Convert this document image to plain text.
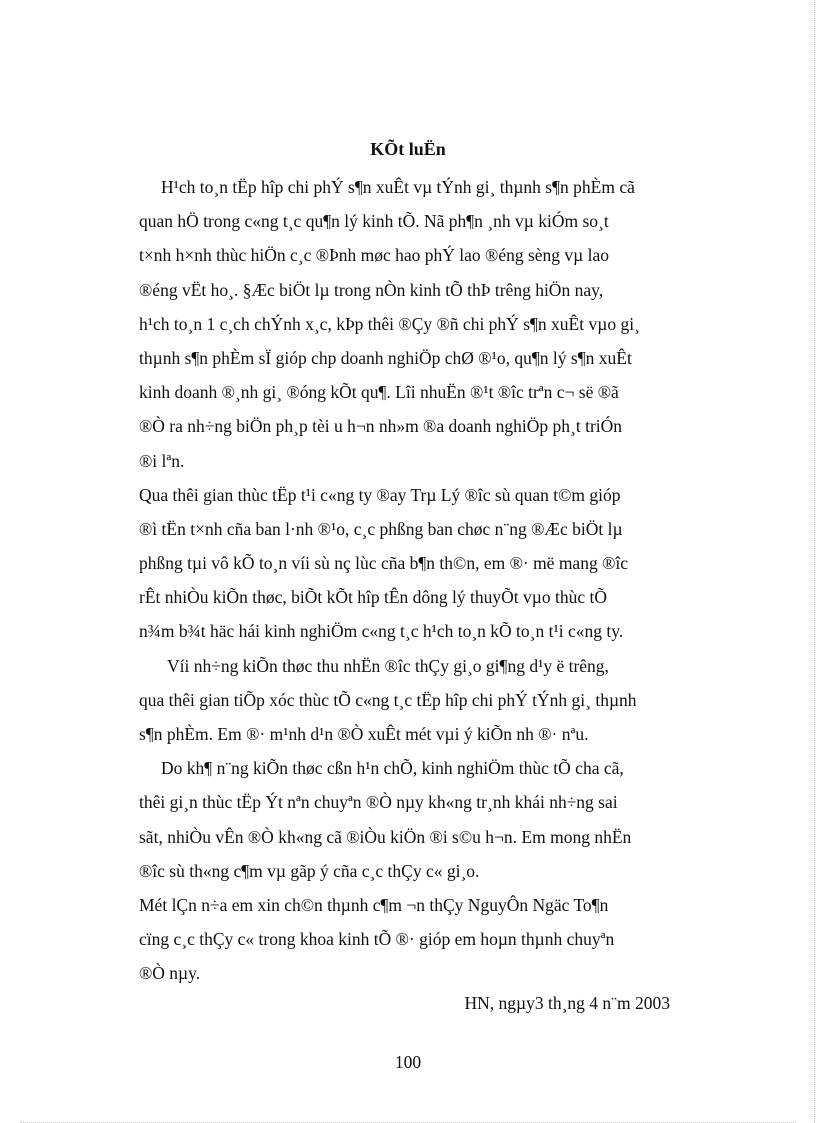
KÕt luËn
H¹ch to¸n tËp hîp chi phÝ s¶n xuÊt vµ tÝnh gi¸ thµnh s¶n phÈm cã
quan hÖ trong c«ng t¸c qu¶n lý kinh tÕ. Nã ph¶n ¸nh vµ kiÓm so¸t
t×nh h×nh thùc hiÖn c¸c ®Þnh møc hao phÝ lao ®éng sèng vµ lao
®éng vËt ho¸. §Æc biÖt lµ trong nÒn kinh tÕ thÞ trêng hiÖn nay,
h¹ch to¸n 1 c¸ch chÝnh x¸c, kÞp thêi ®Çy ®ñ chi phÝ s¶n xuÊt vµo gi¸
thµnh s¶n phÈm sÏ gióp chp doanh nghiÖp chØ ®¹o, qu¶n lý s¶n xuÊt
kinh doanh ®¸nh gi¸ ®óng kÕt qu¶. Lîi nhuËn ®¹t ®îc trªn c¬ së ®ã
®Ò ra nh÷ng biÖn ph¸p tèi u h¬n nh»m ®a doanh nghiÖp ph¸t triÓn
®i lªn.
Qua thêi gian thùc tËp t¹i c«ng ty ®ay Trµ Lý ®îc sù quan t©m gióp
®ì tËn t×nh cña ban l·nh ®¹o, c¸c phßng ban chøc n¨ng ®Æc biÖt lµ
phßng tµi vô kÕ to¸n víi sù nç lùc cña b¶n th©n, em ®· më mang ®îc
rÊt nhiÒu kiÕn thøc, biÕt kÕt hîp tÊn dông lý thuyÕt vµo thùc tÕ
n¾m b¾t häc hái kinh nghiÖm c«ng t¸c h¹ch to¸n kÕ to¸n t¹i c«ng ty.
Víi nh÷ng kiÕn thøc thu nhËn ®îc thÇy gi¸o gi¶ng d¹y ë trêng,
qua thêi gian tiÕp xóc thùc tÕ c«ng t¸c tËp hîp chi phÝ tÝnh gi¸ thµnh
s¶n phÈm. Em ®· m¹nh d¹n ®Ò xuÊt mét vµi ý kiÕn nh ®· nªu.
Do kh¶ n¨ng kiÕn thøc cßn h¹n chÕ, kinh nghiÖm thùc tÕ cha cã,
thêi gi¸n thùc tËp Ýt nªn chuyªn ®Ò nµy kh«ng tr¸nh khái nh÷ng sai
sãt, nhiÒu vÊn ®Ò kh«ng cã ®iÒu kiÖn ®i s©u h¬n. Em mong nhËn
®îc sù th«ng c¶m vµ gãp ý cña c¸c thÇy c« gi¸o.
Mét lÇn n÷a em xin ch©n thµnh c¶m ¬n thÇy NguyÔn Ngäc To¶n
cïng c¸c thÇy c« trong khoa kinh tÕ ®· gióp em hoµn thµnh chuyªn
®Ò nµy.
HN, ngµy3 th¸ng 4 n¨m 2003
100
